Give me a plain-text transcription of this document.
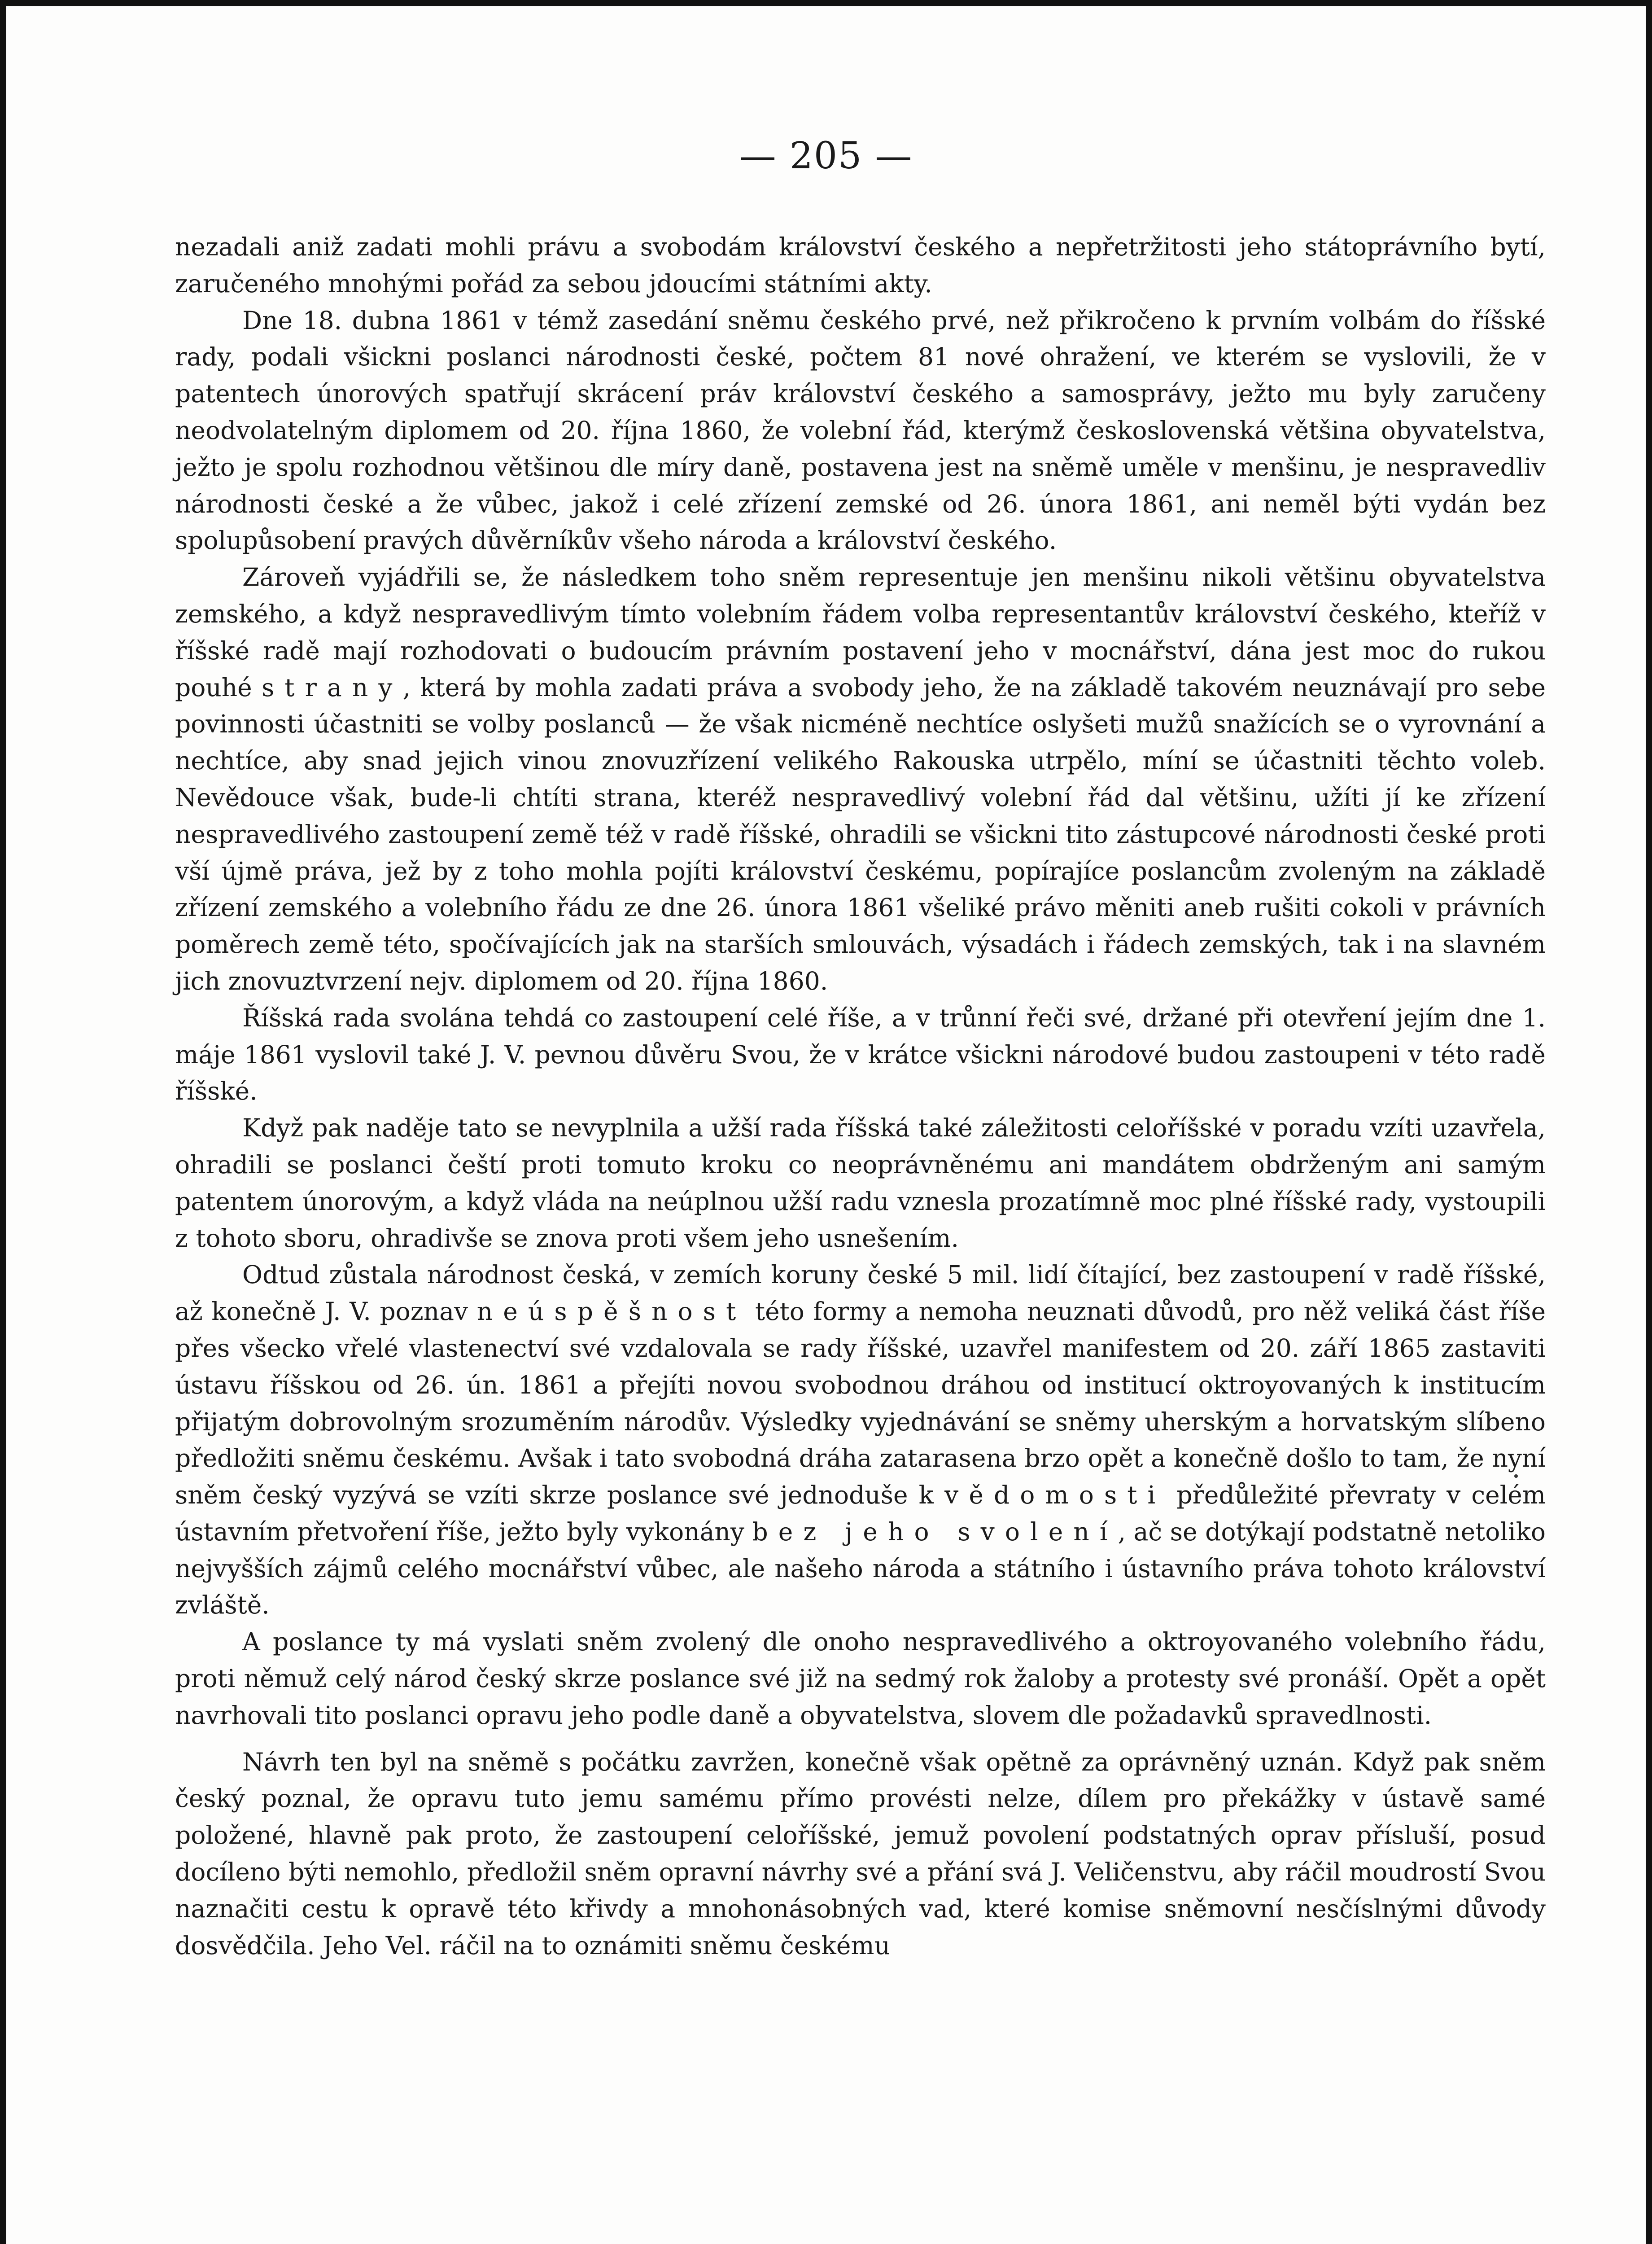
— 205 —

nezadali aniž zadati mohli právu a svobodám království českého a nepřetržitosti jeho státoprávního bytí, zaručeného mnohými pořád za sebou jdoucími státními akty.

Dne 18. dubna 1861 v témž zasedání sněmu českého prvé, než přikročeno k prvním volbám do říšské rady, podali všickni poslanci národnosti české, počtem 81 nové ohražení, ve kterém se vyslovili, že v patentech únorových spatřují skrácení práv království českého a samosprávy, ježto mu byly zaručeny neodvolatelným diplomem od 20. října 1860, že volební řád, kterýmž československá většina obyvatelstva, ježto je spolu rozhodnou většinou dle míry daně, postavena jest na sněmě uměle v menšinu, je nespravedliv národnosti české a že vůbec, jakož i celé zřízení zemské od 26. února 1861, ani neměl býti vydán bez spolupůsobení pravých důvěrníkův všeho národa a království českého.

Zároveň vyjádřili se, že následkem toho sněm representuje jen menšinu nikoli většinu obyvatelstva zemského, a když nespravedlivým tímto volebním řádem volba representantův království českého, kteříž v říšské radě mají rozhodovati o budoucím právním postavení jeho v mocnářství, dána jest moc do rukou pouhé strany, která by mohla zadati práva a svobody jeho, že na základě takovém neuznávají pro sebe povinnosti účastniti se volby poslanců — že však nicméně nechtíce oslyšeti mužů snažících se o vyrovnání a nechtíce, aby snad jejich vinou znovuzřízení velikého Rakouska utrpělo, míní se účastniti těchto voleb. Nevědouce však, bude-li chtíti strana, kteréž nespravedlivý volební řád dal většinu, užíti jí ke zřízení nespravedlivého zastoupení země též v radě říšské, ohradili se všickni tito zástupcové národnosti české proti vší újmě práva, jež by z toho mohla pojíti království českému, popírajíce poslancům zvoleným na základě zřízení zemského a volebního řádu ze dne 26. února 1861 všeliké právo měniti aneb rušiti cokoli v právních poměrech země této, spočívajících jak na starších smlouvách, výsadách i řádech zemských, tak i na slavném jich znovuztvrzení nejv. diplomem od 20. října 1860.

Říšská rada svolána tehdá co zastoupení celé říše, a v trůnní řeči své, držané při otevření jejím dne 1. máje 1861 vyslovil také J. V. pevnou důvěru Svou, že v krátce všickni národové budou zastoupeni v této radě říšské.

Když pak naděje tato se nevyplnila a užší rada říšská také záležitosti celoříšské v poradu vzíti uzavřela, ohradili se poslanci čeští proti tomuto kroku co neoprávněnému ani mandátem obdrženým ani samým patentem únorovým, a když vláda na neúplnou užší radu vznesla prozatímně moc plné říšské rady, vystoupili z tohoto sboru, ohradivše se znova proti všem jeho usnešením.

Odtud zůstala národnost česká, v zemích koruny české 5 mil. lidí čítající, bez zastoupení v radě říšské, až konečně J. V. poznav neúspěšnost této formy a nemoha neuznati důvodů, pro něž veliká část říše přes všecko vřelé vlastenectví své vzdalovala se rady říšské, uzavřel manifestem od 20. září 1865 zastaviti ústavu říšskou od 26. ún. 1861 a přejíti novou svobodnou dráhou od institucí oktroyovaných k institucím přijatým dobrovolným srozuměním národův. Výsledky vyjednávání se sněmy uherským a horvatským slíbeno předložiti sněmu českému. Avšak i tato svobodná dráha zatarasena brzo opět a konečně došlo to tam, že nyní sněm český vyzývá se vzíti skrze poslance své jednoduše k vědomosti předůležité převraty v celém ústavním přetvoření říše, ježto byly vykonány bez jeho svolení, ač se dotýkají podstatně netoliko nejvyšších zájmů celého mocnářství vůbec, ale našeho národa a státního i ústavního práva tohoto království zvláště.

A poslance ty má vyslati sněm zvolený dle onoho nespravedlivého a oktroyovaného volebního řádu, proti němuž celý národ český skrze poslance své již na sedmý rok žaloby a protesty své pronáší. Opět a opět navrhovali tito poslanci opravu jeho podle daně a obyvatelstva, slovem dle požadavků spravedlnosti.

Návrh ten byl na sněmě s počátku zavržen, konečně však opětně za oprávněný uznán. Když pak sněm český poznal, že opravu tuto jemu samému přímo provésti nelze, dílem pro překážky v ústavě samé položené, hlavně pak proto, že zastoupení celoříšské, jemuž povolení podstatných oprav přísluší, posud docíleno býti nemohlo, předložil sněm opravní návrhy své a přání svá J. Veličenstvu, aby ráčil moudrostí Svou naznačiti cestu k opravě této křivdy a mnohonásobných vad, které komise sněmovní nesčíslnými důvody dosvědčila. Jeho Vel. ráčil na to oznámiti sněmu českému
